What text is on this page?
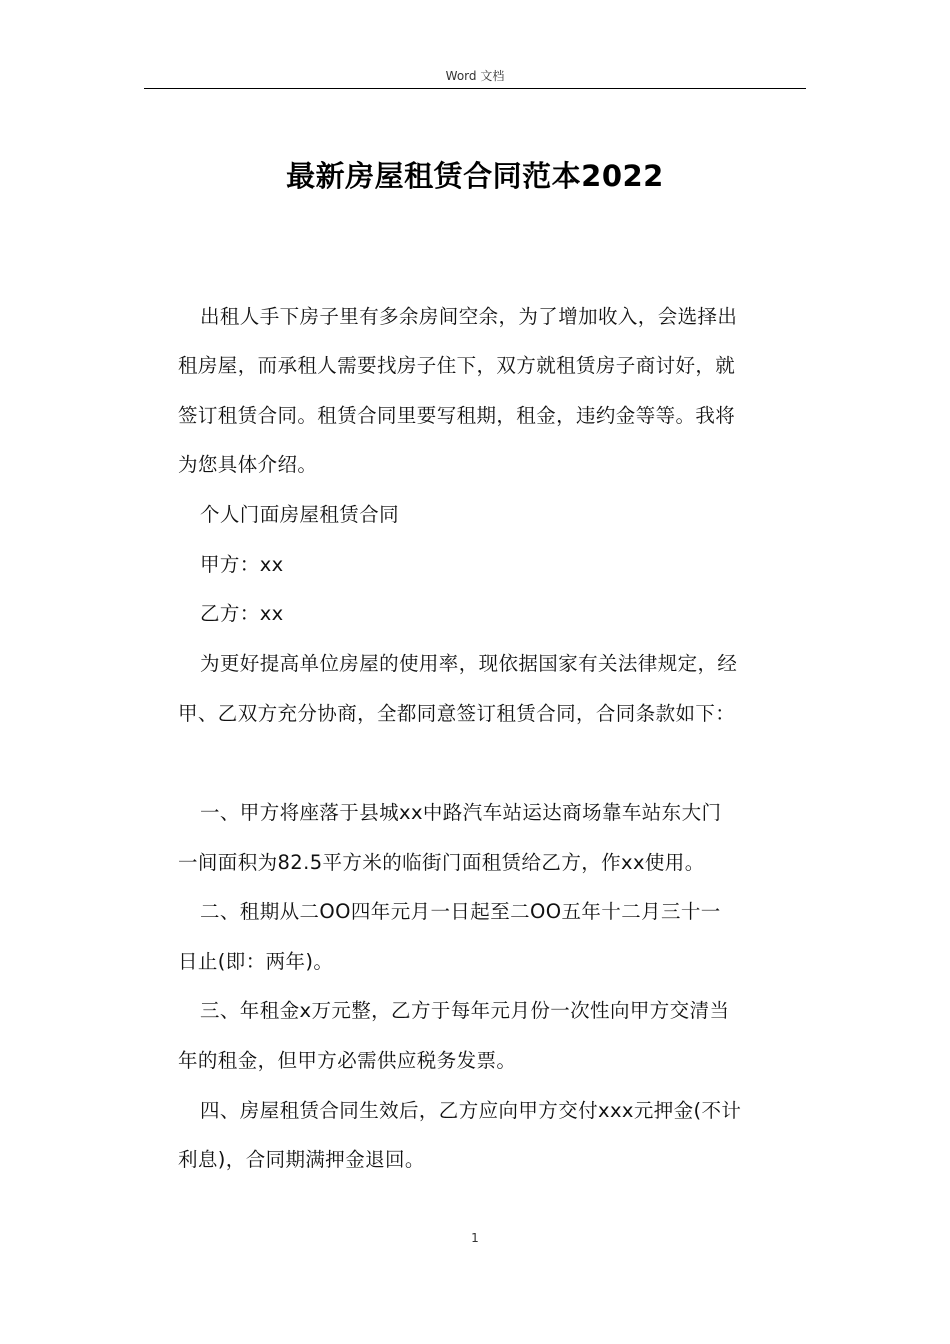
Word 文档
最新房屋租赁合同范本2022
出租人手下房子里有多余房间空余，为了增加收入，会选择出
租房屋，而承租人需要找房子住下，双方就租赁房子商讨好，就
签订租赁合同。租赁合同里要写租期，租金，违约金等等。我将
为您具体介绍。
个人门面房屋租赁合同
甲方：xx
乙方：xx
为更好提高单位房屋的使用率，现依据国家有关法律规定，经
甲、乙双方充分协商，全都同意签订租赁合同，合同条款如下：
一、甲方将座落于县城xx中路汽车站运达商场靠车站东大门
一间面积为82.5平方米的临街门面租赁给乙方，作xx使用。
二、租期从二OO四年元月一日起至二OO五年十二月三十一
日止(即：两年)。
三、年租金x万元整，乙方于每年元月份一次性向甲方交清当
年的租金，但甲方必需供应税务发票。
四、房屋租赁合同生效后，乙方应向甲方交付xxx元押金(不计
利息)，合同期满押金退回。
1
